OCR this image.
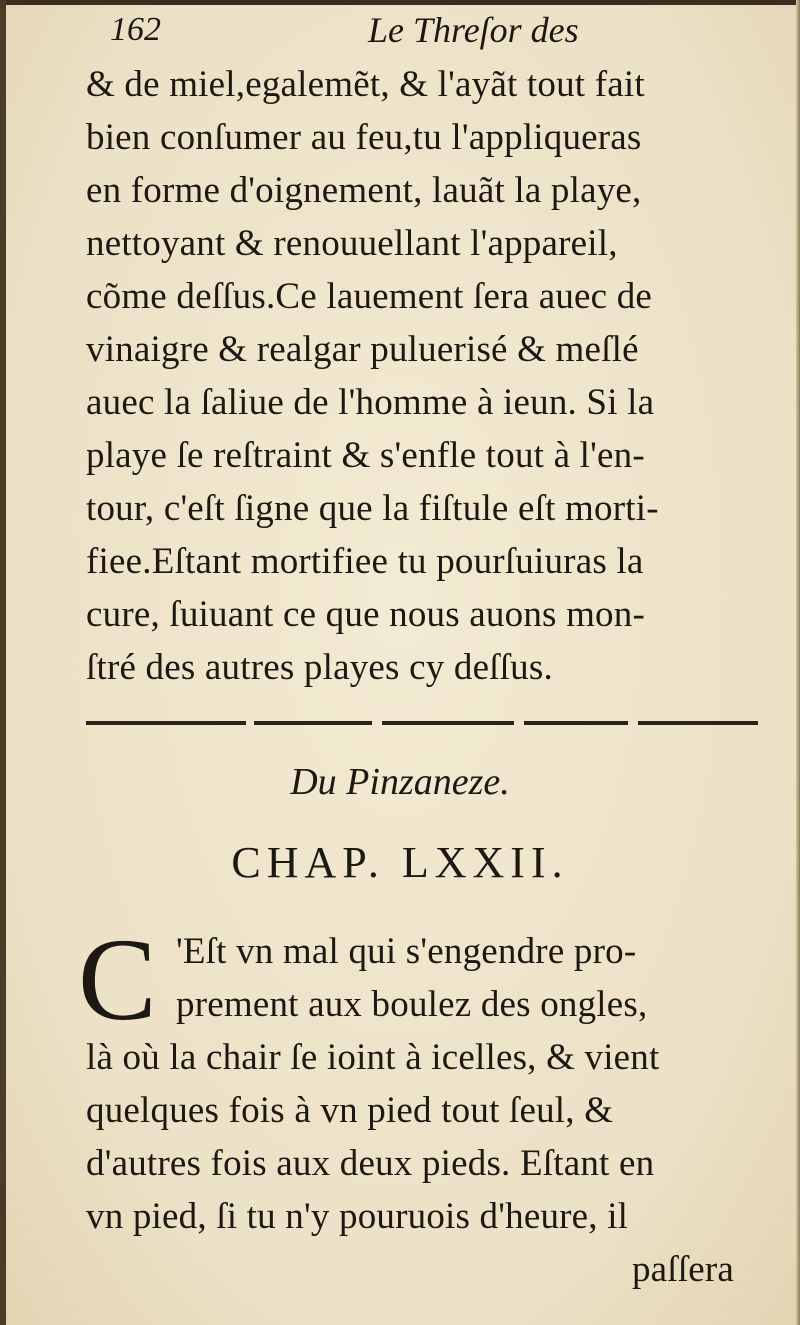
162	Le Threſor des
& de miel,egalemẽt, & l'ayãt tout fait
bien conſumer au feu,tu l'appliqueras
en forme d'oignement, lauãt la playe,
nettoyant & renouuellant l'appareil,
cõme deſſus.Ce lauement ſera auec de
vinaigre & realgar puluerisé & meſlé
auec la ſaliue de l'homme à ieun. Si la
playe ſe reſtraint & s'enfle tout à l'en-
tour, c'eſt ſigne que la fiſtule eſt morti-
fiee.Eſtant mortifiee tu pourſuiuras la
cure, ſuiuant ce que nous auons mon-
ſtré des autres playes cy deſſus.
Du Pinzaneze.
CHAP. LXXII.
C 'Eſt vn mal qui s'engendre pro-
prement aux boulez des ongles,
là où la chair ſe ioint à icelles, & vient
quelques fois à vn pied tout ſeul, &
d'autres fois aux deux pieds. Eſtant en
vn pied, ſi tu n'y pouruois d'heure, il
paſſera
